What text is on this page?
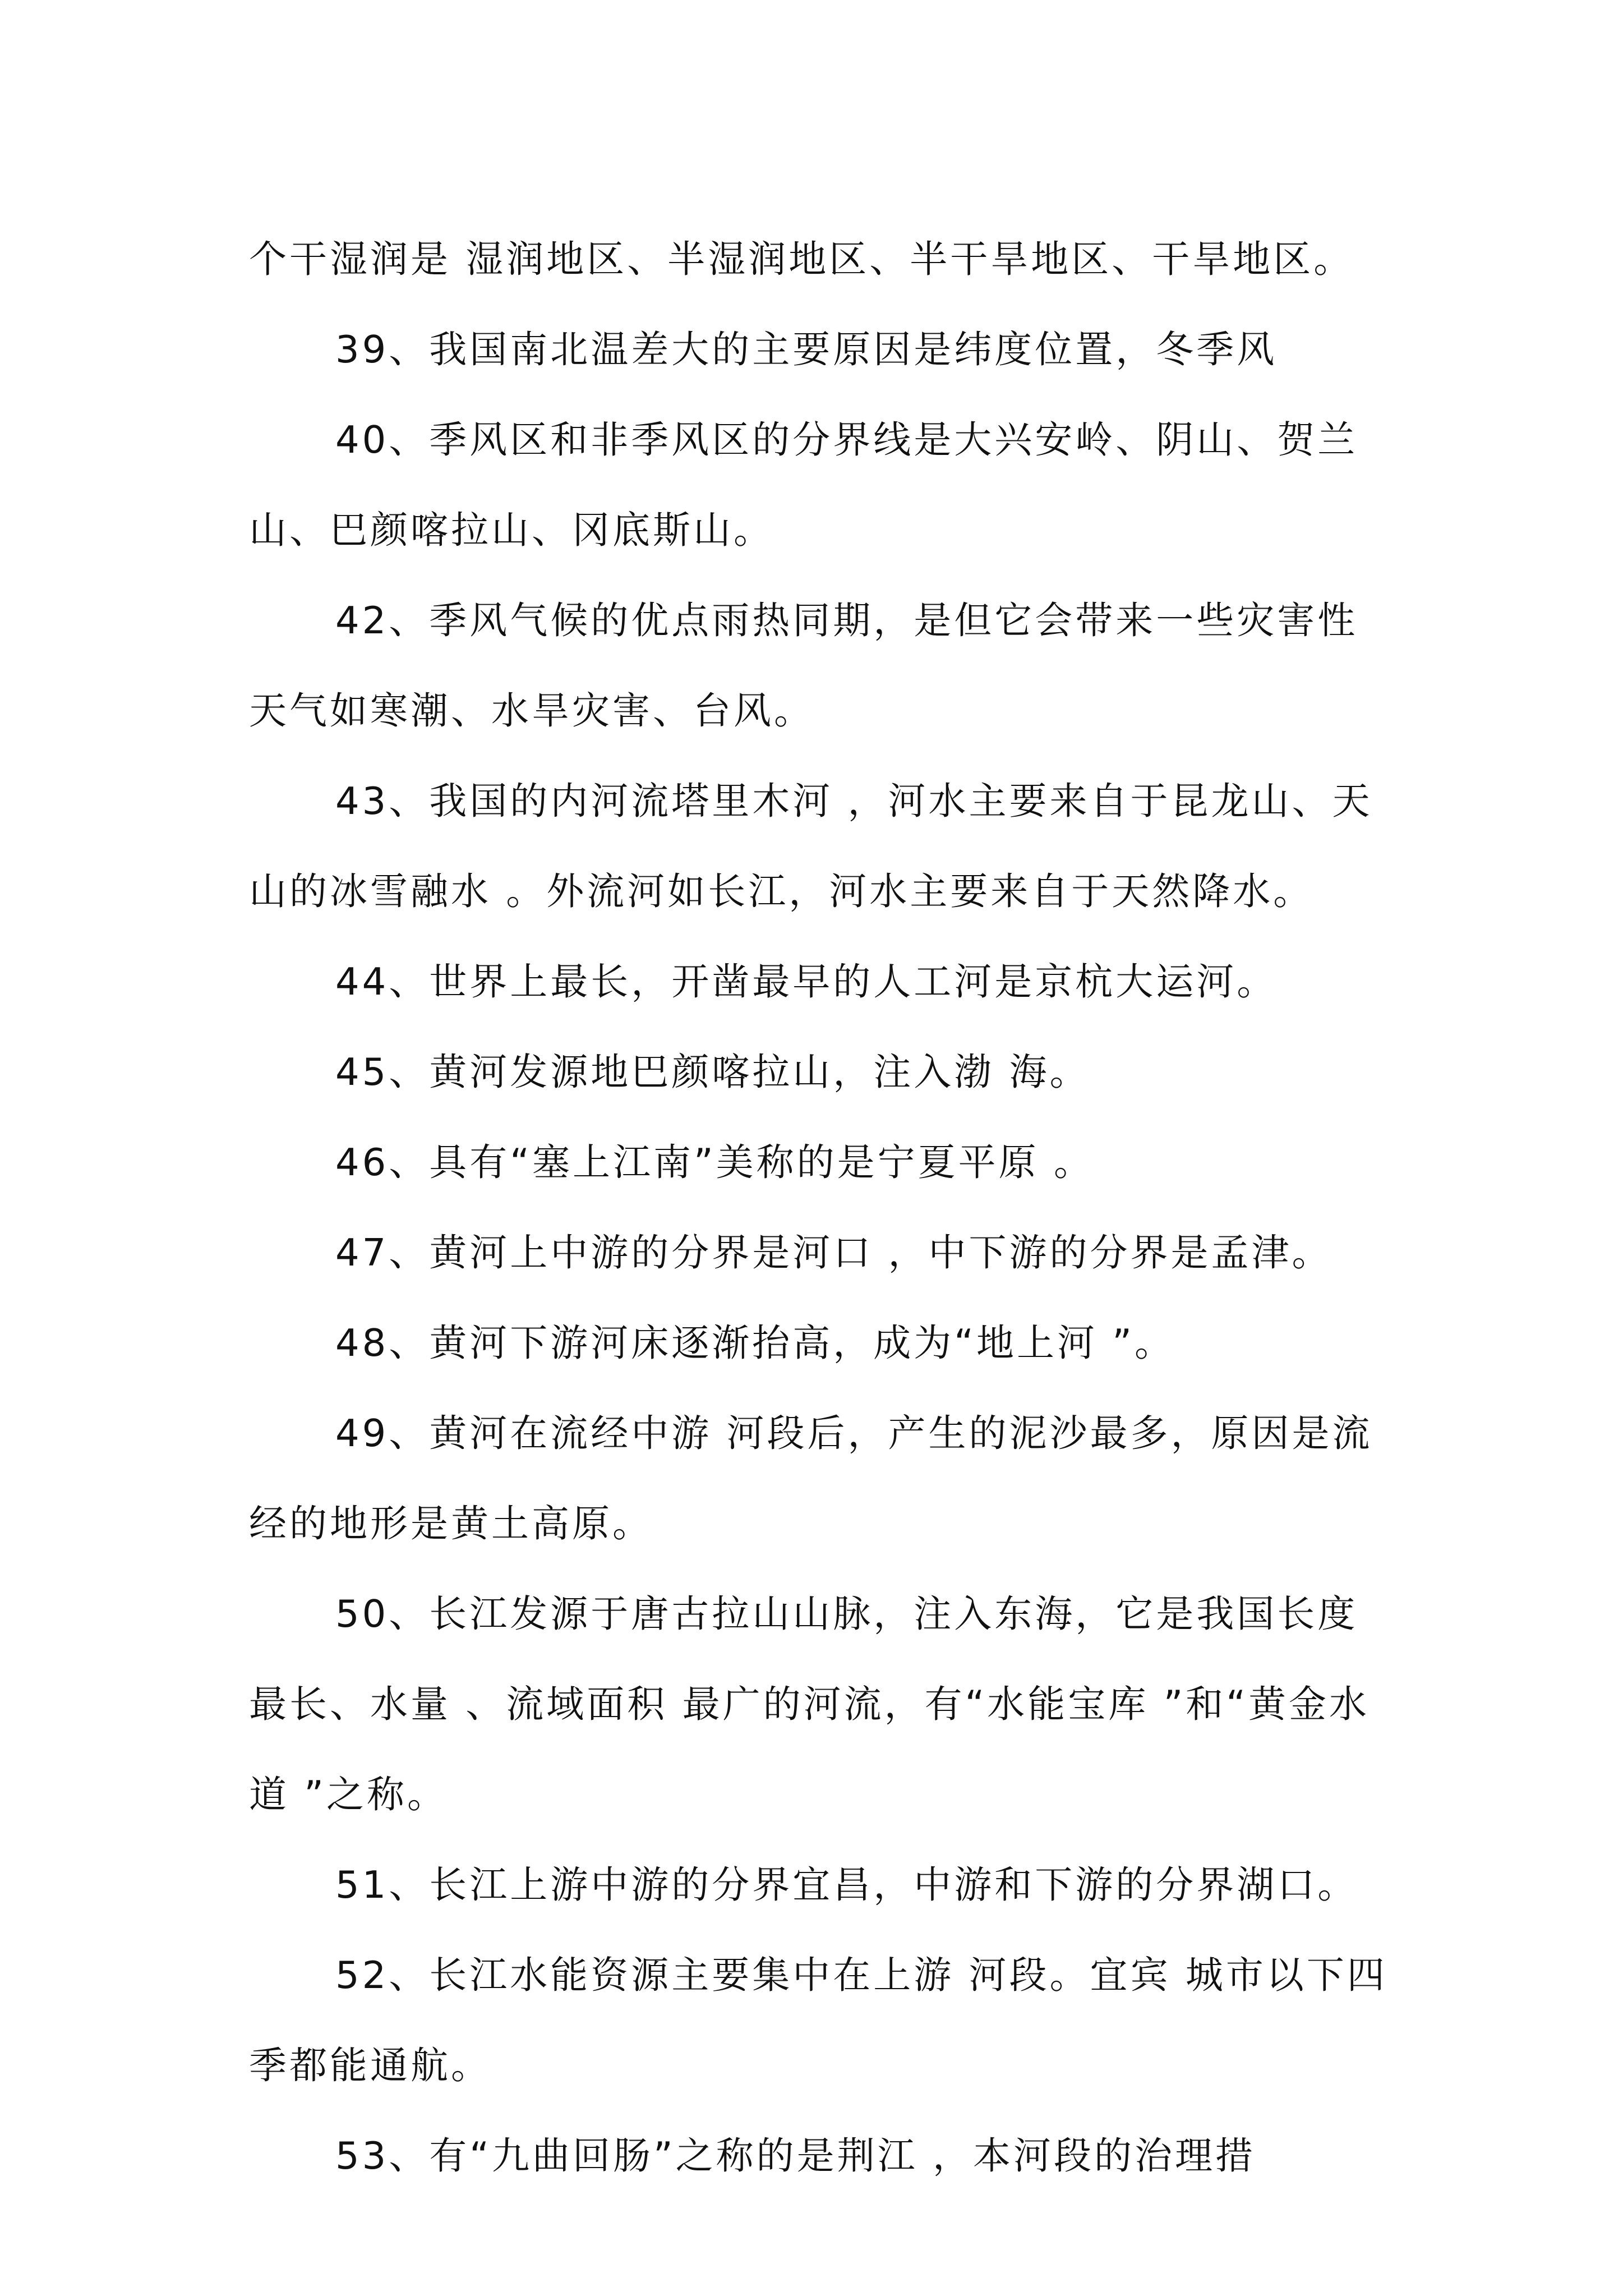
个干湿润是 湿润地区、半湿润地区、半干旱地区、干旱地区。

39、我国南北温差大的主要原因是纬度位置，冬季风

40、季风区和非季风区的分界线是大兴安岭、阴山、贺兰山、巴颜喀拉山、冈底斯山。

42、季风气候的优点雨热同期，是但它会带来一些灾害性天气如寒潮、水旱灾害、台风。

43、我国的内河流塔里木河 ，河水主要来自于昆龙山、天山的冰雪融水 。外流河如长江，河水主要来自于天然降水。

44、世界上最长，开凿最早的人工河是京杭大运河。

45、黄河发源地巴颜喀拉山，注入渤 海。

46、具有“塞上江南”美称的是宁夏平原 。

47、黄河上中游的分界是河口 ，中下游的分界是孟津。

48、黄河下游河床逐渐抬高，成为“地上河 ”。

49、黄河在流经中游 河段后，产生的泥沙最多，原因是流经的地形是黄土高原。

50、长江发源于唐古拉山山脉，注入东海，它是我国长度 最长、水量 、流域面积 最广的河流，有“水能宝库 ”和“黄金水道 ”之称。

51、长江上游中游的分界宜昌，中游和下游的分界湖口。

52、长江水能资源主要集中在上游 河段。宜宾 城市以下四季都能通航。

53、有“九曲回肠”之称的是荆江 ，本河段的治理措
